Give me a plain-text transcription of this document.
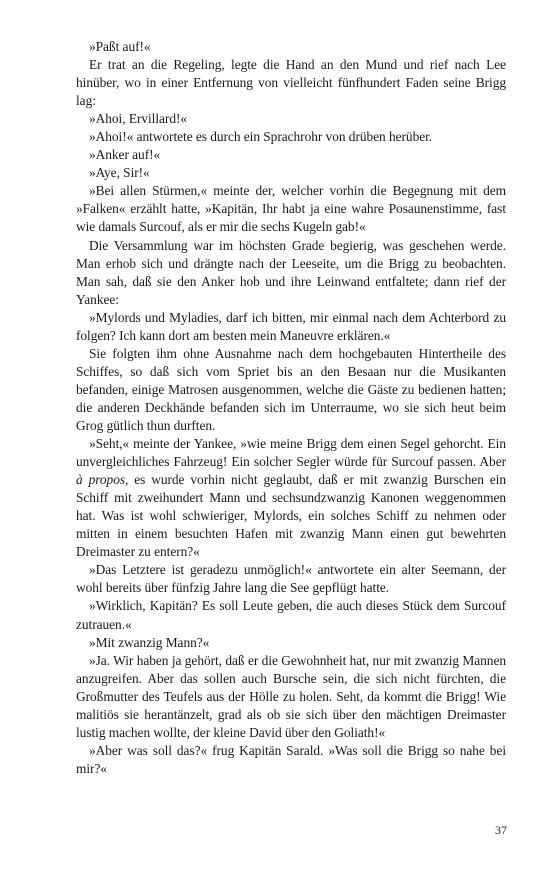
»Paßt auf!«

Er trat an die Regeling, legte die Hand an den Mund und rief nach Lee hinüber, wo in einer Entfernung von vielleicht fünfhundert Faden seine Brigg lag:

»Ahoi, Ervillard!«

»Ahoi!« antwortete es durch ein Sprachrohr von drüben herüber.

»Anker auf!«

»Aye, Sir!«

»Bei allen Stürmen,« meinte der, welcher vorhin die Begegnung mit dem »Falken« erzählt hatte, »Kapitän, Ihr habt ja eine wahre Posaunenstimme, fast wie damals Surcouf, als er mir die sechs Kugeln gab!«

Die Versammlung war im höchsten Grade begierig, was geschehen werde. Man erhob sich und drängte nach der Leeseite, um die Brigg zu beobachten. Man sah, daß sie den Anker hob und ihre Leinwand entfaltete; dann rief der Yankee:

»Mylords und Myladies, darf ich bitten, mir einmal nach dem Achterbord zu folgen? Ich kann dort am besten mein Maneuvre erklären.«

Sie folgten ihm ohne Ausnahme nach dem hochgebauten Hintertheile des Schiffes, so daß sich vom Spriet bis an den Besaan nur die Musikanten befanden, einige Matrosen ausgenommen, welche die Gäste zu bedienen hatten; die anderen Deckhände befanden sich im Unterraume, wo sie sich heut beim Grog gütlich thun durften.

»Seht,« meinte der Yankee, »wie meine Brigg dem einen Segel gehorcht. Ein unvergleichliches Fahrzeug! Ein solcher Segler würde für Surcouf passen. Aber à propos, es wurde vorhin nicht geglaubt, daß er mit zwanzig Burschen ein Schiff mit zweihundert Mann und sechsundzwanzig Kanonen weggenommen hat. Was ist wohl schwieriger, Mylords, ein solches Schiff zu nehmen oder mitten in einem besuchten Hafen mit zwanzig Mann einen gut bewehrten Dreimaster zu entern?«

»Das Letztere ist geradezu unmöglich!« antwortete ein alter Seemann, der wohl bereits über fünfzig Jahre lang die See gepflügt hatte.

»Wirklich, Kapitän? Es soll Leute geben, die auch dieses Stück dem Surcouf zutrauen.«

»Mit zwanzig Mann?«

»Ja. Wir haben ja gehört, daß er die Gewohnheit hat, nur mit zwanzig Mannen anzugreifen. Aber das sollen auch Bursche sein, die sich nicht fürchten, die Großmutter des Teufels aus der Hölle zu holen. Seht, da kommt die Brigg! Wie malitiös sie herantänzelt, grad als ob sie sich über den mächtigen Dreimaster lustig machen wollte, der kleine David über den Goliath!«

»Aber was soll das?« frug Kapitän Sarald. »Was soll die Brigg so nahe bei mir?«

37
